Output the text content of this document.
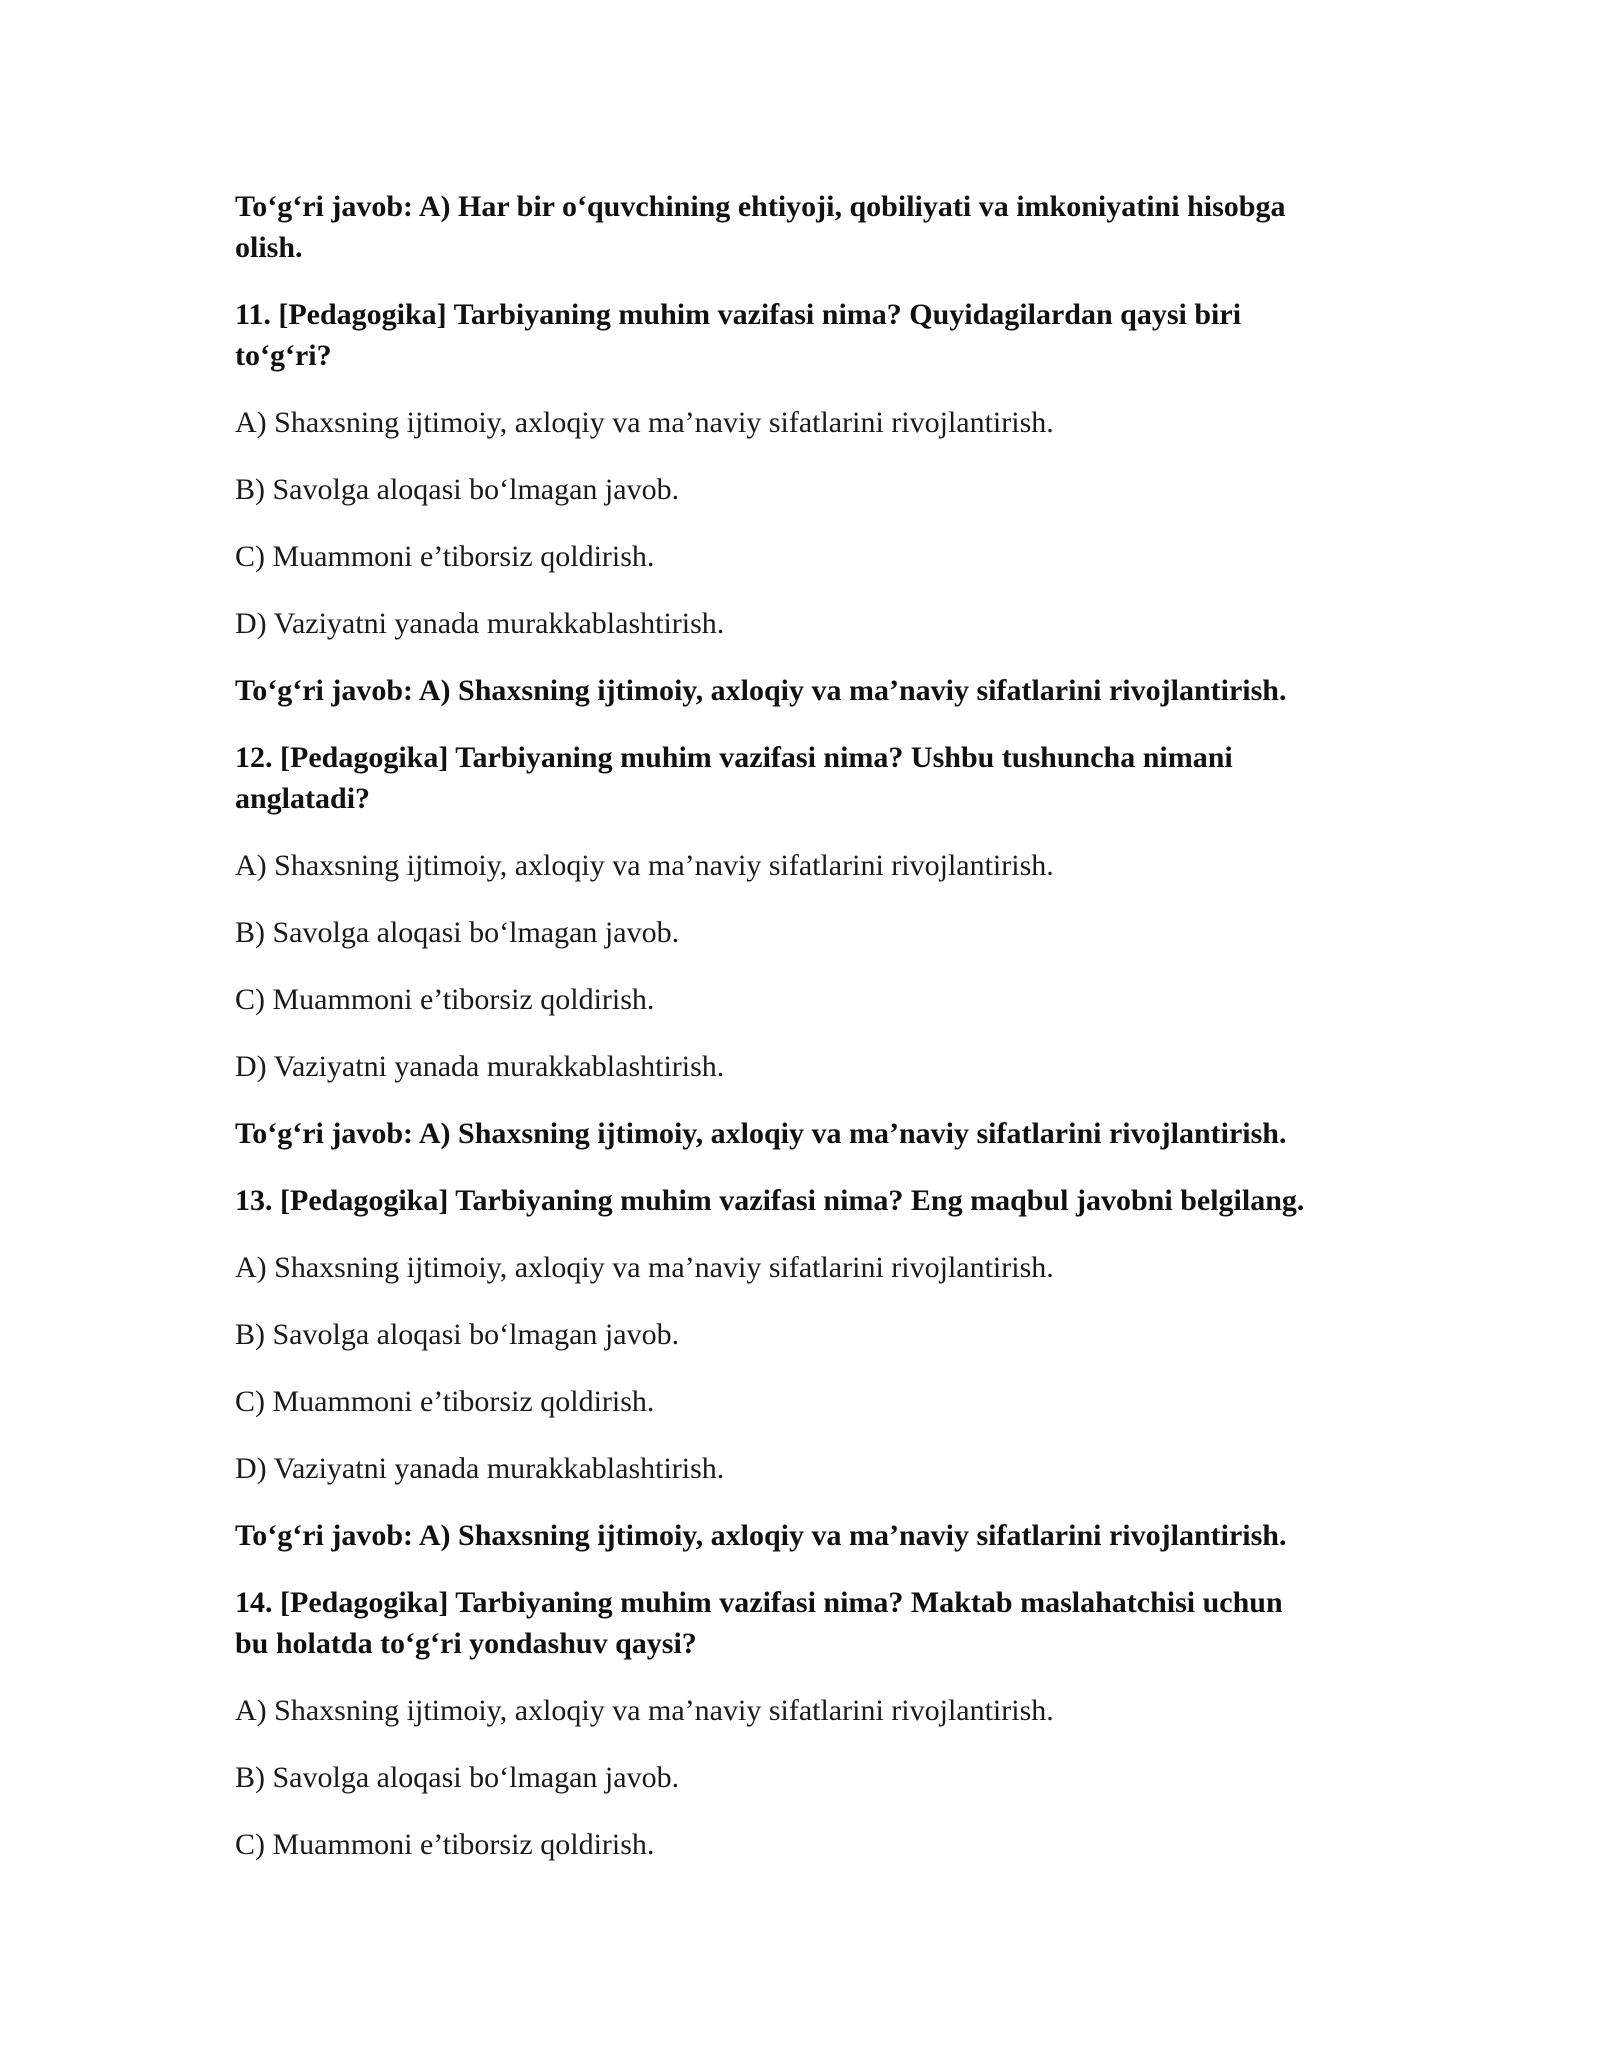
To‘g‘ri javob: A) Har bir o‘quvchining ehtiyoji, qobiliyati va imkoniyatini hisobga

olish.

11. [Pedagogika] Tarbiyaning muhim vazifasi nima? Quyidagilardan qaysi biri

to‘g‘ri?

A) Shaxsning ijtimoiy, axloqiy va ma’naviy sifatlarini rivojlantirish.

B) Savolga aloqasi bo‘lmagan javob.

C) Muammoni e’tiborsiz qoldirish.

D) Vaziyatni yanada murakkablashtirish.

To‘g‘ri javob: A) Shaxsning ijtimoiy, axloqiy va ma’naviy sifatlarini rivojlantirish.

12. [Pedagogika] Tarbiyaning muhim vazifasi nima? Ushbu tushuncha nimani

anglatadi?

A) Shaxsning ijtimoiy, axloqiy va ma’naviy sifatlarini rivojlantirish.

B) Savolga aloqasi bo‘lmagan javob.

C) Muammoni e’tiborsiz qoldirish.

D) Vaziyatni yanada murakkablashtirish.

To‘g‘ri javob: A) Shaxsning ijtimoiy, axloqiy va ma’naviy sifatlarini rivojlantirish.

13. [Pedagogika] Tarbiyaning muhim vazifasi nima? Eng maqbul javobni belgilang.

A) Shaxsning ijtimoiy, axloqiy va ma’naviy sifatlarini rivojlantirish.

B) Savolga aloqasi bo‘lmagan javob.

C) Muammoni e’tiborsiz qoldirish.

D) Vaziyatni yanada murakkablashtirish.

To‘g‘ri javob: A) Shaxsning ijtimoiy, axloqiy va ma’naviy sifatlarini rivojlantirish.

14. [Pedagogika] Tarbiyaning muhim vazifasi nima? Maktab maslahatchisi uchun

bu holatda to‘g‘ri yondashuv qaysi?

A) Shaxsning ijtimoiy, axloqiy va ma’naviy sifatlarini rivojlantirish.

B) Savolga aloqasi bo‘lmagan javob.

C) Muammoni e’tiborsiz qoldirish.
